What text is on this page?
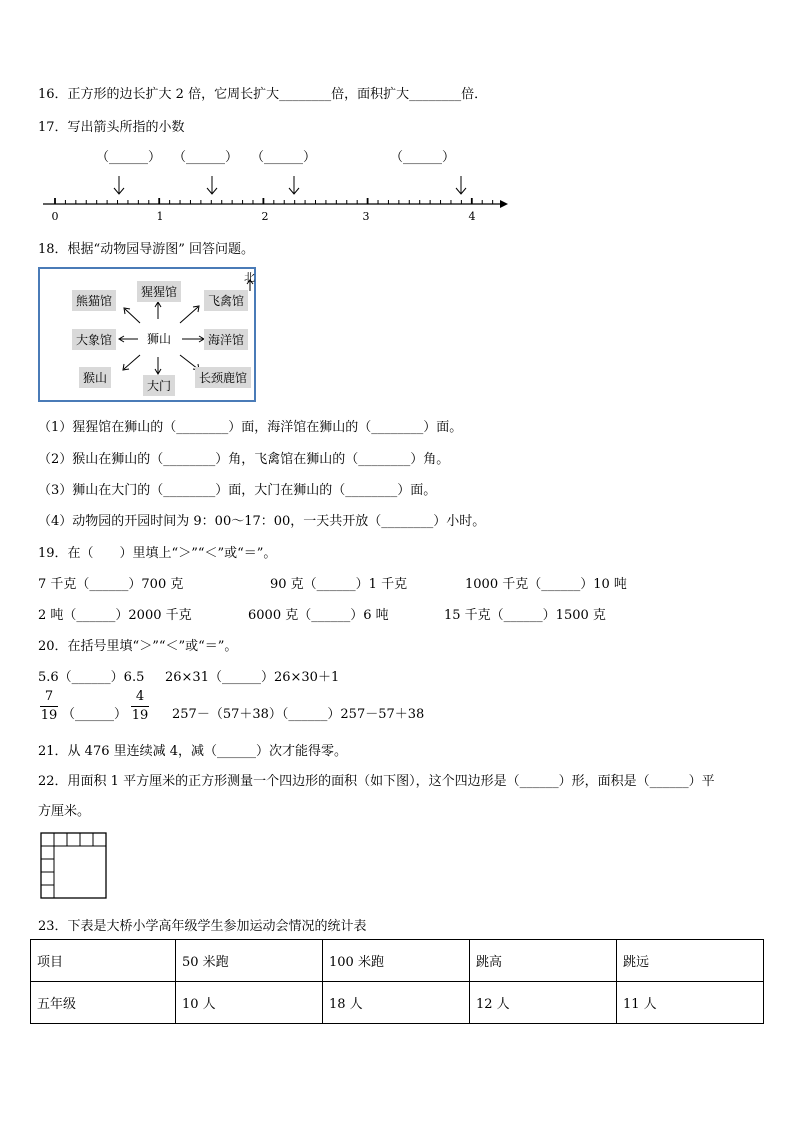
16．正方形的边长扩大 2 倍，它周长扩大________倍，面积扩大________倍．
17．写出箭头所指的小数
（______） （______） （______）	（______）
0	1	2	3	4
18．根据“动物园导游图” 回答问题。
北
狮山
熊猫馆
猩猩馆
飞禽馆
大象馆	海洋馆
猴山
大门
长颈鹿馆
（1）猩猩馆在狮山的（________）面，海洋馆在狮山的（________）面。
（2）猴山在狮山的（________）角，飞禽馆在狮山的（________）角。
（3）狮山在大门的（________）面，大门在狮山的（________）面。
（4）动物园的开园时间为 9：00～17：00，一天共开放（________）小时。
19．在（　　）里填上“＞”“＜”或“＝”。
7 千克（______）700 克	90 克（______）1 千克	1000 千克（______）10 吨
2 吨（______）2000 千克	6000 克（______）6 吨	15 千克（______）1500 克
20．在括号里填“＞”“＜”或“＝”。
5.6（______）6.5 26×31（______）26×30＋1
7
19 （______）
4
19 257－（57＋38）（______）257－57＋38
21．从 476 里连续减 4，减（______）次才能得零。
22．用面积 1 平方厘米的正方形测量一个四边形的面积（如下图），这个四边形是（______）形，面积是（______）平
方厘米。
23．下表是大桥小学高年级学生参加运动会情况的统计表
项目	50 米跑	100 米跑	跳高	跳远
五年级	10 人	18 人	12 人	11 人
